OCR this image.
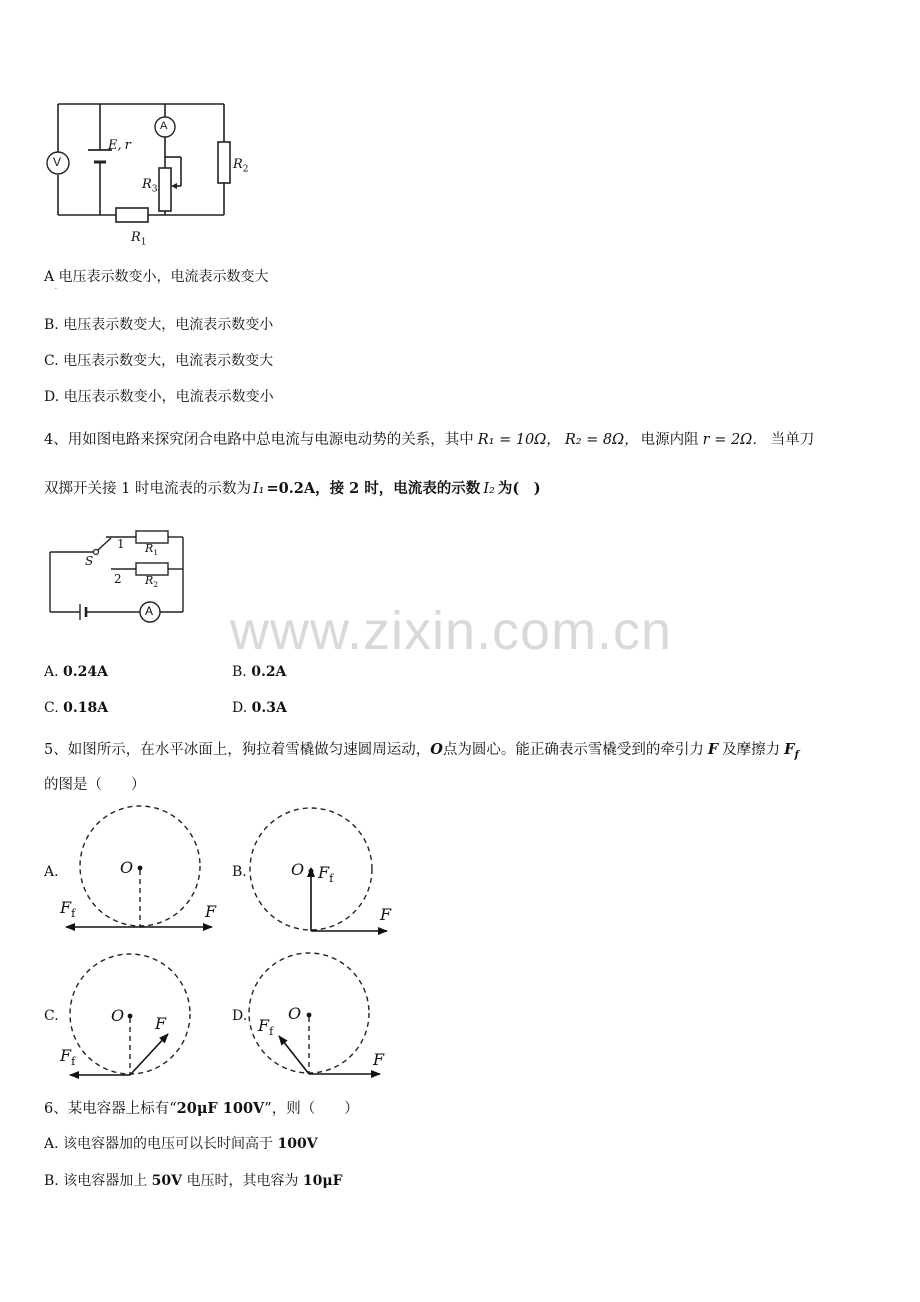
V
A
E, r
$R_3$
$R_2$
$R_1$
A 电压表示数变小，电流表示数变大
·
B. 电压表示数变大，电流表示数变小
C. 电压表示数变大，电流表示数变大
D. 电压表示数变小，电流表示数变小
4、用如图电路来探究闭合电路中总电流与电源电动势的关系，其中 R₁ = 10Ω， R₂ = 8Ω， 电源内阻 r = 2Ω． 当单刀
双掷开关接 1 时电流表的示数为 I₁ =0.2A，接 2 时，电流表的示数 I₂ 为(　)
S
1
2
$R_1$
$R_2$
A www.zixin.com.cn
A. 0.24A	B. 0.2A
C. 0.18A	D. 0.3A
5、如图所示，在水平冰面上，狗拉着雪橇做匀速圆周运动，O点为圆心。能正确表示雪橇受到的牵引力 F 及摩擦力 $F_f$
的图是（　　）
A.	O
$F_f$	F
B.	O $F_f$
F
C.	O F
$F_f$
D.	O
$F_f$
F
6、某电容器上标有“20μF 100V”，则（　　）
A. 该电容器加的电压可以长时间高于 100V
B. 该电容器加上 50V 电压时，其电容为 10μF
